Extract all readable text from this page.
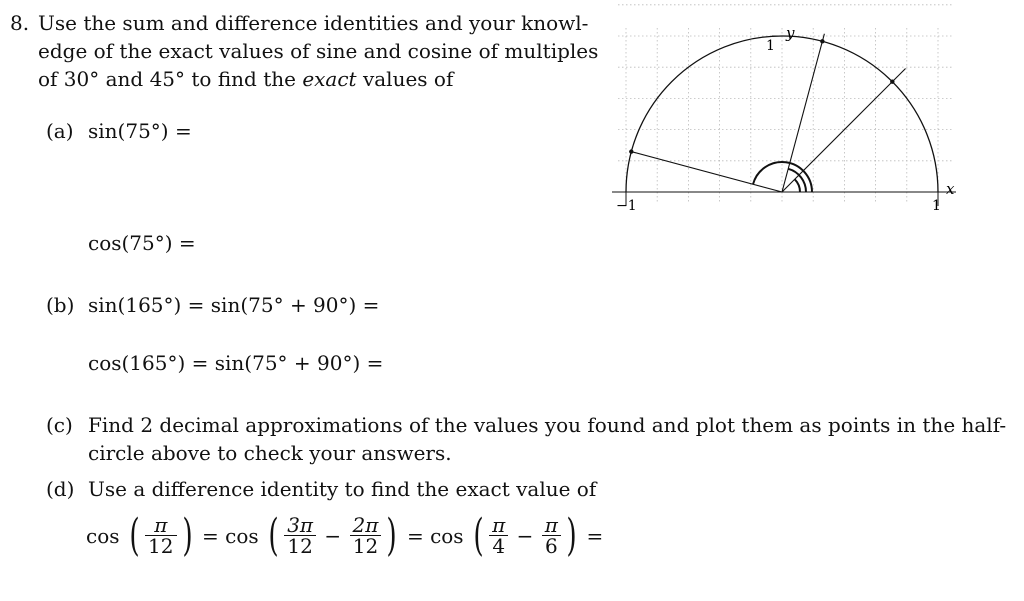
8. Use the sum and difference identities and your knowl-
edge of the exact values of sine and cosine of multiples
of 30° and 45° to find the exact values of
(a) sin(75°) =
cos(75°) =
(b) sin(165°) = sin(75° + 90°) =
cos(165°) = sin(75° + 90°) =
(c) Find 2 decimal approximations of the values you found and plot them as points in the half-
circle above to check your answers.
(d) Use a difference identity to find the exact value of
cos ( $\frac{\pi}{12}$ ) = cos ( $\frac{3\pi}{12} - \frac{2\pi}{12}$ ) = cos ( $\frac{\pi}{4} - \frac{\pi}{6}$ ) =
y
x
1
−1	1
